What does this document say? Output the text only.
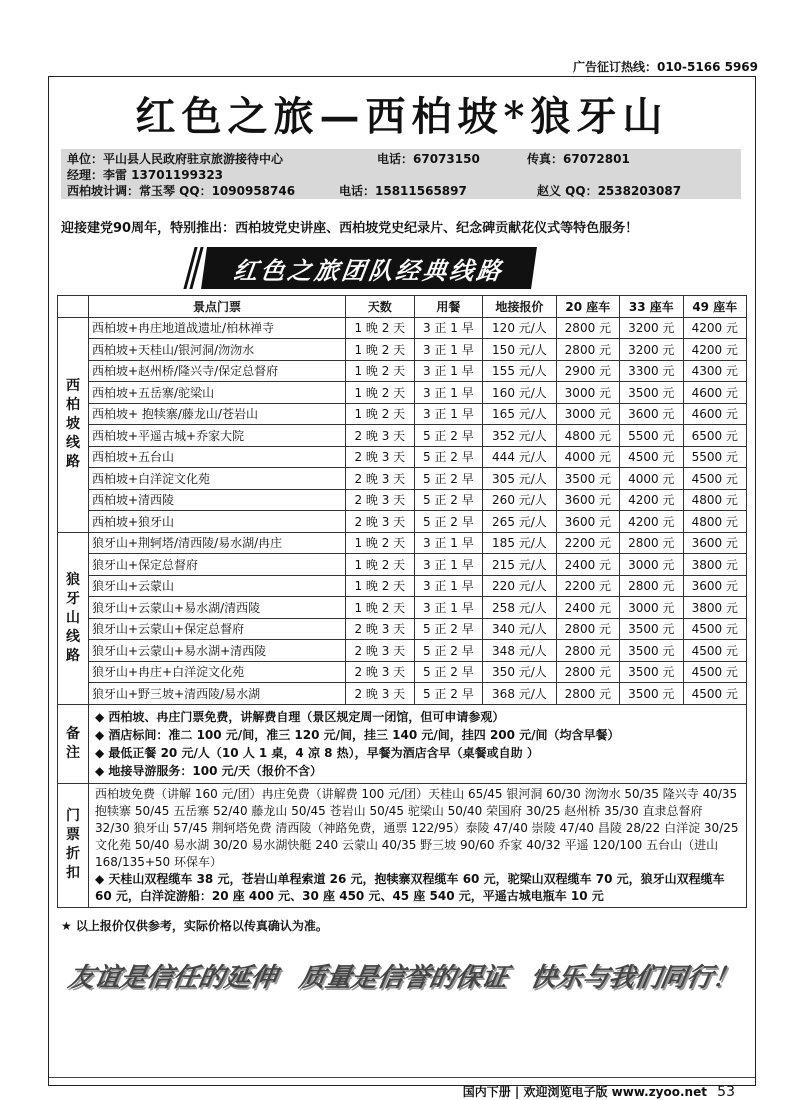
广告征订热线：010-5166 5969
红色之旅—西柏坡*狼牙山
单位：平山县人民政府驻京旅游接待中心	电话：67073150	传真：67072801
经理：李雷 13701199323
西柏坡计调：常玉琴 QQ：1090958746	电话：15811565897	赵义 QQ：2538203087
迎接建党90周年，特别推出：西柏坡党史讲座、西柏坡党史纪录片、纪念碑贡献花仪式等特色服务！
红色之旅团队经典线路
	景点门票	天数	用餐	地接报价	20 座车	33 座车	49 座车

西柏坡线路	西柏坡+冉庄地道战遗址/柏林禅寺	1 晚 2 天	3 正 1 早	120 元/人	2800 元	3200 元	4200 元
	西柏坡+天桂山/银河洞/沕沕水	1 晚 2 天	3 正 1 早	150 元/人	2800 元	3200 元	4200 元
	西柏坡+赵州桥/隆兴寺/保定总督府	1 晚 2 天	3 正 1 早	155 元/人	2900 元	3300 元	4300 元
	西柏坡+五岳寨/驼梁山	1 晚 2 天	3 正 1 早	160 元/人	3000 元	3500 元	4600 元
	西柏坡+ 抱犊寨/藤龙山/苍岩山	1 晚 2 天	3 正 1 早	165 元/人	3000 元	3600 元	4600 元
	西柏坡+平遥古城+乔家大院	2 晚 3 天	5 正 2 早	352 元/人	4800 元	5500 元	6500 元
	西柏坡+五台山	2 晚 3 天	5 正 2 早	444 元/人	4000 元	4500 元	5500 元
	西柏坡+白洋淀文化苑	2 晚 3 天	5 正 2 早	305 元/人	3500 元	4000 元	4500 元
	西柏坡+清西陵	2 晚 3 天	5 正 2 早	260 元/人	3600 元	4200 元	4800 元
	西柏坡+狼牙山	2 晚 3 天	5 正 2 早	265 元/人	3600 元	4200 元	4800 元

狼牙山线路	狼牙山+荆轲塔/清西陵/易水湖/冉庄	1 晚 2 天	3 正 1 早	185 元/人	2200 元	2800 元	3600 元
	狼牙山+保定总督府	1 晚 2 天	3 正 1 早	215 元/人	2400 元	3000 元	3800 元
	狼牙山+云蒙山	1 晚 2 天	3 正 1 早	220 元/人	2200 元	2800 元	3600 元
	狼牙山+云蒙山+易水湖/清西陵	1 晚 2 天	3 正 1 早	258 元/人	2400 元	3000 元	3800 元
	狼牙山+云蒙山+保定总督府	2 晚 3 天	5 正 2 早	340 元/人	2800 元	3500 元	4500 元
	狼牙山+云蒙山+易水湖+清西陵	2 晚 3 天	5 正 2 早	348 元/人	2800 元	3500 元	4500 元
	狼牙山+冉庄+白洋淀文化苑	2 晚 3 天	5 正 2 早	350 元/人	2800 元	3500 元	4500 元
	狼牙山+野三坡+清西陵/易水湖	2 晚 3 天	5 正 2 早	368 元/人	2800 元	3500 元	4500 元

备注	◆ 西柏坡、冉庄门票免费，讲解费自理（景区规定周一闭馆，但可申请参观）
◆ 酒店标间：准二 100 元/间，准三 120 元/间，挂三 140 元/间，挂四 200 元/间（均含早餐）
◆ 最低正餐 20 元/人（10 人 1 桌，4 凉 8 热），早餐为酒店含早（桌餐或自助 ）
◆ 地接导游服务：100 元/天（报价不含）						

门票折扣	西柏坡免费（讲解 160 元/团）冉庄免费（讲解费 100 元/团）天桂山 65/45 银河洞 60/30 沕沕水 50/35 隆兴寺 40/35 抱犊寨 50/45 五岳寨 52/40 藤龙山 50/45 苍岩山 50/45 驼梁山 50/40 荣国府 30/25 赵州桥 35/30 直隶总督府 32/30 狼牙山 57/45 荆轲塔免费 清西陵（神路免费，通票 122/95）泰陵 47/40 崇陵 47/40 昌陵 28/22 白洋淀 30/25 文化苑 50/40 易水湖 30/20 易水湖快艇 240 云蒙山 40/35 野三坡 90/60 乔家 40/32 平遥 120/100 五台山（进山 168/135+50 环保车）
◆ 天桂山双程缆车 38 元，苍岩山单程索道 26 元，抱犊寨双程缆车 60 元，驼梁山双程缆车 70 元，狼牙山双程缆车 60 元，白洋淀游船：20 座 400 元、30 座 450 元、45 座 540 元，平遥古城电瓶车 10 元						
★ 以上报价仅供参考，实际价格以传真确认为准。
友谊是信任的延伸 质量是信誉的保证 快乐与我们同行！
国内下册 | 欢迎浏览电子版 www.zyoo.net 53
